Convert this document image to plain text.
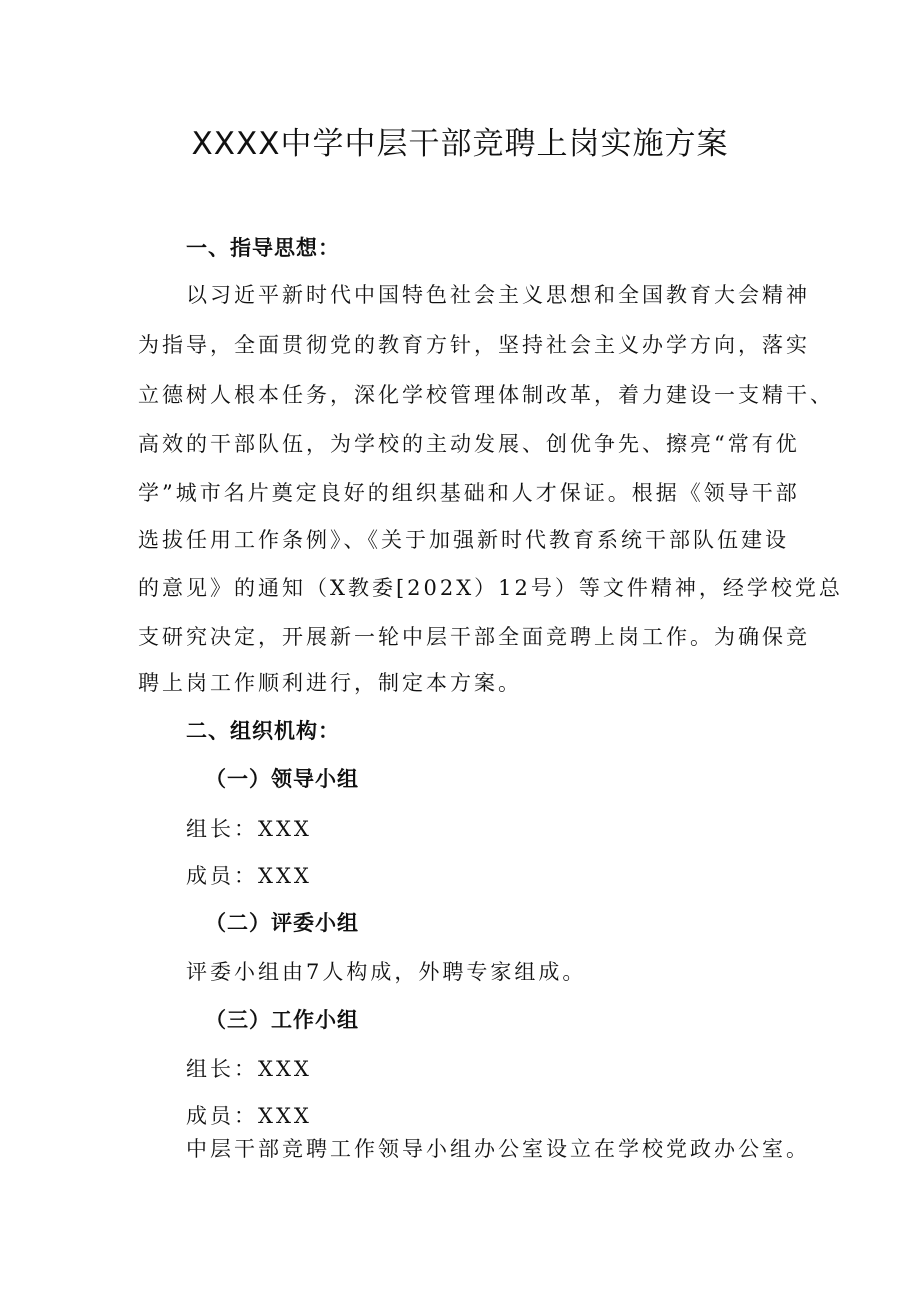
XXXX中学中层干部竞聘上岗实施方案
一、指导思想：
以习近平新时代中国特色社会主义思想和全国教育大会精神
为指导，全面贯彻党的教育方针，坚持社会主义办学方向，落实
立德树人根本任务，深化学校管理体制改革，着力建设一支精干、
高效的干部队伍，为学校的主动发展、创优争先、擦亮“常有优
学”城市名片奠定良好的组织基础和人才保证。根据《领导干部
选拔任用工作条例》、《关于加强新时代教育系统干部队伍建设
的意见》的通知（X教委[202X）12号）等文件精神，经学校党总
支研究决定，开展新一轮中层干部全面竞聘上岗工作。为确保竞
聘上岗工作顺利进行，制定本方案。
二、组织机构：
（一）领导小组
组长：XXX
成员：XXX
（二）评委小组
评委小组由7人构成，外聘专家组成。
（三）工作小组
组长：XXX
成员：XXX
中层干部竞聘工作领导小组办公室设立在学校党政办公室。
